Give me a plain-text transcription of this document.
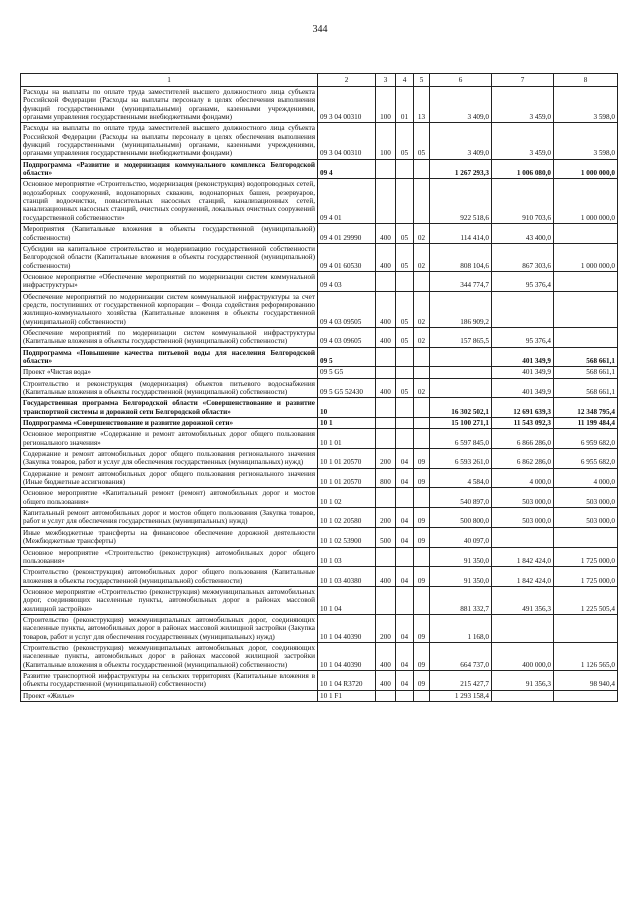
344
1	2	3	4	5	6	7	8
Расходы на выплаты по оплате труда заместителей высшего должностного лица субъекта Российской Федерации (Расходы на выплаты персоналу в целях обеспечения выполнения функций государственными (муниципальными) органами, казенными учреждениями, органами управления государственными внебюджетными фондами)	09 3 04 00310	100	01	13	3 409,0	3 459,0	3 598,0
Расходы на выплаты по оплате труда заместителей высшего должностного лица субъекта Российской Федерации (Расходы на выплаты персоналу в целях обеспечения выполнения функций государственными (муниципальными) органами, казенными учреждениями, органами управления государственными внебюджетными фондами)	09 3 04 00310	100	05	05	3 409,0	3 459,0	3 598,0
Подпрограмма «Развитие и модернизация коммунального комплекса Белгородской области»	09 4				1 267 293,3	1 006 080,0	1 000 000,0
Основное мероприятие «Строительство, модернизация (реконструкция) водопроводных сетей, водозаборных сооружений, водонапорных скважин, водонапорных башен, резервуаров, станций водоочистки, повысительных насосных станций, канализационных сетей, канализационных насосных станций, очистных сооружений, локальных очистных сооружений государственной собственности»	09 4 01				922 518,6	910 703,6	1 000 000,0
Мероприятия (Капитальные вложения в объекты государственной (муниципальной) собственности)	09 4 01 29990	400	05	02	114 414,0	43 400,0	
Субсидии на капитальное строительство и модернизацию государственной собственности Белгородской области (Капитальные вложения в объекты государственной (муниципальной) собственности)	09 4 01 60530	400	05	02	808 104,6	867 303,6	1 000 000,0
Основное мероприятие «Обеспечение мероприятий по модернизации систем коммунальной инфраструктуры»	09 4 03				344 774,7	95 376,4	
Обеспечение мероприятий по модернизации систем коммунальной инфраструктуры за счет средств, поступивших от государственной корпорации – Фонда содействия реформированию жилищно-коммунального хозяйства (Капитальные вложения в объекты государственной (муниципальной) собственности)	09 4 03 09505	400	05	02	186 909,2		
Обеспечение мероприятий по модернизации систем коммунальной инфраструктуры (Капитальные вложения в объекты государственной (муниципальной) собственности)	09 4 03 09605	400	05	02	157 865,5	95 376,4	
Подпрограмма «Повышение качества питьевой воды для населения Белгородской области»	09 5					401 349,9	568 661,1
Проект «Чистая вода»	09 5 G5					401 349,9	568 661,1
Строительство и реконструкция (модернизация) объектов питьевого водоснабжения (Капитальные вложения в объекты государственной (муниципальной) собственности)	09 5 G5 52430	400	05	02		401 349,9	568 661,1
Государственная программа Белгородской области «Совершенствование и развитие транспортной системы и дорожной сети Белгородской области»	10				16 302 502,1	12 691 639,3	12 348 795,4
Подпрограмма «Совершенствование и развитие дорожной сети»	10 1				15 100 271,1	11 543 092,3	11 199 484,4
Основное мероприятие «Содержание и ремонт автомобильных дорог общего пользования регионального значения»	10 1 01				6 597 845,0	6 866 286,0	6 959 682,0
Содержание и ремонт автомобильных дорог общего пользования регионального значения (Закупка товаров, работ и услуг для обеспечения государственных (муниципальных) нужд)	10 1 01 20570	200	04	09	6 593 261,0	6 862 286,0	6 955 682,0
Содержание и ремонт автомобильных дорог общего пользования регионального значения (Иные бюджетные ассигнования)	10 1 01 20570	800	04	09	4 584,0	4 000,0	4 000,0
Основное мероприятие «Капитальный ремонт (ремонт) автомобильных дорог и мостов общего пользования»	10 1 02				540 897,0	503 000,0	503 000,0
Капитальный ремонт автомобильных дорог и мостов общего пользования (Закупка товаров, работ и услуг для обеспечения государственных (муниципальных) нужд)	10 1 02 20580	200	04	09	500 800,0	503 000,0	503 000,0
Иные межбюджетные трансферты на финансовое обеспечение дорожной деятельности (Межбюджетные трансферты)	10 1 02 53900	500	04	09	40 097,0		
Основное мероприятие «Строительство (реконструкция) автомобильных дорог общего пользования»	10 1 03				91 350,0	1 842 424,0	1 725 000,0
Строительство (реконструкция) автомобильных дорог общего пользования (Капитальные вложения в объекты государственной (муниципальной) собственности)	10 1 03 40380	400	04	09	91 350,0	1 842 424,0	1 725 000,0
Основное мероприятие «Строительство (реконструкция) межмуниципальных автомобильных дорог, соединяющих населенные пункты, автомобильных дорог в районах массовой жилищной застройки»	10 1 04				881 332,7	491 356,3	1 225 505,4
Строительство (реконструкция) межмуниципальных автомобильных дорог, соединяющих населенные пункты, автомобильных дорог в районах массовой жилищной застройки (Закупка товаров, работ и услуг для обеспечения государственных (муниципальных) нужд)	10 1 04 40390	200	04	09	1 168,0		
Строительство (реконструкция) межмуниципальных автомобильных дорог, соединяющих населенные пункты, автомобильных дорог в районах массовой жилищной застройки (Капитальные вложения в объекты государственной (муниципальной) собственности)	10 1 04 40390	400	04	09	664 737,0	400 000,0	1 126 565,0
Развитие транспортной инфраструктуры на сельских территориях (Капитальные вложения в объекты государственной (муниципальной) собственности)	10 1 04 R3720	400	04	09	215 427,7	91 356,3	98 940,4
Проект «Жилье»	10 1 F1				1 293 158,4		
